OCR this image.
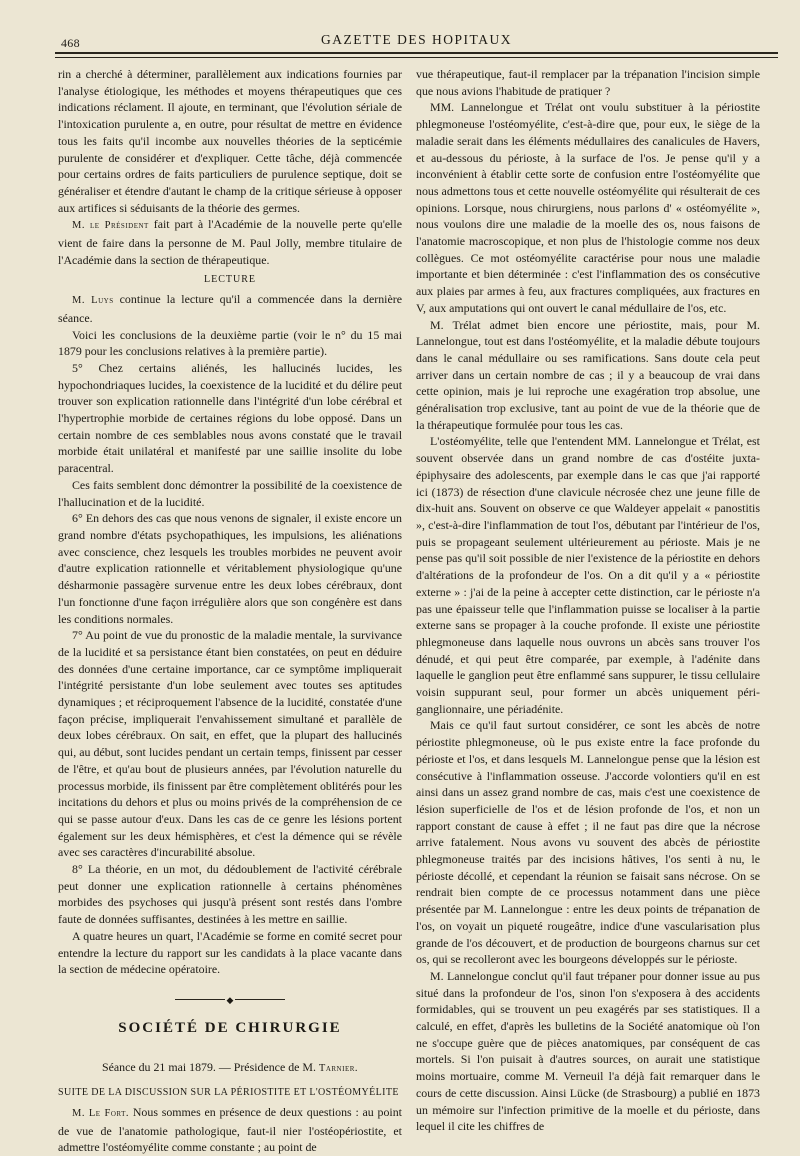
468	GAZETTE DES HOPITAUX

rin a cherché à déterminer, parallèlement aux indications fournies par l'analyse étiologique, les méthodes et moyens thérapeutiques que ces indications réclament. Il ajoute, en terminant, que l'évolution sériale de l'intoxication purulente a, en outre, pour résultat de mettre en évidence tous les faits qu'il incombe aux nouvelles théories de la septicémie purulente de considérer et d'expliquer. Cette tâche, déjà commencée pour certains ordres de faits particuliers de purulence septique, doit se généraliser et étendre d'autant le champ de la critique sérieuse à opposer aux artifices si séduisants de la théorie des germes.

M. le Président fait part à l'Académie de la nouvelle perte qu'elle vient de faire dans la personne de M. Paul Jolly, membre titulaire de l'Académie dans la section de thérapeutique.

LECTURE

M. Luys continue la lecture qu'il a commencée dans la dernière séance.

Voici les conclusions de la deuxième partie (voir le n° du 15 mai 1879 pour les conclusions relatives à la première partie).

5° Chez certains aliénés, les hallucinés lucides, les hypochondriaques lucides, la coexistence de la lucidité et du délire peut trouver son explication rationnelle dans l'intégrité d'un lobe cérébral et l'hypertrophie morbide de certaines régions du lobe opposé. Dans un certain nombre de ces semblables nous avons constaté que le travail morbide était unilatéral et manifesté par une saillie insolite du lobe paracentral.

Ces faits semblent donc démontrer la possibilité de la coexistence de l'hallucination et de la lucidité.

6° En dehors des cas que nous venons de signaler, il existe encore un grand nombre d'états psychopathiques, les impulsions, les aliénations avec conscience, chez lesquels les troubles morbides ne peuvent avoir d'autre explication rationnelle et véritablement physiologique qu'une désharmonie passagère survenue entre les deux lobes cérébraux, dont l'un fonctionne d'une façon irrégulière alors que son congénère est dans les conditions normales.

7° Au point de vue du pronostic de la maladie mentale, la survivance de la lucidité et sa persistance étant bien constatées, on peut en déduire des données d'une certaine importance, car ce symptôme impliquerait l'intégrité persistante d'un lobe seulement avec toutes ses aptitudes dynamiques ; et réciproquement l'absence de la lucidité, constatée d'une façon précise, impliquerait l'envahissement simultané et parallèle de deux lobes cérébraux. On sait, en effet, que la plupart des hallucinés qui, au début, sont lucides pendant un certain temps, finissent par cesser de l'être, et qu'au bout de plusieurs années, par l'évolution naturelle du processus morbide, ils finissent par être complètement oblitérés pour les incitations du dehors et plus ou moins privés de la compréhension de ce qui se passe autour d'eux. Dans les cas de ce genre les lésions portent également sur les deux hémisphères, et c'est la démence qui se révèle avec ses caractères d'incurabilité absolue.

8° La théorie, en un mot, du dédoublement de l'activité cérébrale peut donner une explication rationnelle à certains phénomènes morbides des psychoses qui jusqu'à présent sont restés dans l'ombre faute de données suffisantes, destinées à les mettre en saillie.

A quatre heures un quart, l'Académie se forme en comité secret pour entendre la lecture du rapport sur les candidats à la place vacante dans la section de médecine opératoire.

◆
SOCIÉTÉ DE CHIRURGIE
Séance du 21 mai 1879. — Présidence de M. Tarnier.
SUITE DE LA DISCUSSION SUR LA PÉRIOSTITE ET L'OSTÉOMYÉLITE

M. Le Fort. Nous sommes en présence de deux questions : au point de vue de l'anatomie pathologique, faut-il nier l'ostéopériostite, et admettre l'ostéomyélite comme constante ; au point de

vue thérapeutique, faut-il remplacer par la trépanation l'incision simple que nous avions l'habitude de pratiquer ?

MM. Lannelongue et Trélat ont voulu substituer à la périostite phlegmoneuse l'ostéomyélite, c'est-à-dire que, pour eux, le siège de la maladie serait dans les éléments médullaires des canalicules de Havers, et au-dessous du périoste, à la surface de l'os. Je pense qu'il y a inconvénient à établir cette sorte de confusion entre l'ostéomyélite que nous admettons tous et cette nouvelle ostéomyélite qui résulterait de ces opinions. Lorsque, nous chirurgiens, nous parlons d' « ostéomyélite », nous voulons dire une maladie de la moelle des os, nous faisons de l'anatomie macroscopique, et non plus de l'histologie comme nos deux collègues. Ce mot ostéomyélite caractérise pour nous une maladie importante et bien déterminée : c'est l'inflammation des os consécutive aux plaies par armes à feu, aux fractures compliquées, aux fractures en V, aux amputations qui ont ouvert le canal médullaire de l'os, etc.

M. Trélat admet bien encore une périostite, mais, pour M. Lannelongue, tout est dans l'ostéomyélite, et la maladie débute toujours dans le canal médullaire ou ses ramifications. Sans doute cela peut arriver dans un certain nombre de cas ; il y a beaucoup de vrai dans cette opinion, mais je lui reproche une exagération trop absolue, une généralisation trop exclusive, tant au point de vue de la théorie que de la thérapeutique formulée pour tous les cas.

L'ostéomyélite, telle que l'entendent MM. Lannelongue et Trélat, est souvent observée dans un grand nombre de cas d'ostéite juxta-épiphysaire des adolescents, par exemple dans le cas que j'ai rapporté ici (1873) de résection d'une clavicule nécrosée chez une jeune fille de dix-huit ans. Souvent on observe ce que Waldeyer appelait « panostitis », c'est-à-dire l'inflammation de tout l'os, débutant par l'intérieur de l'os, puis se propageant seulement ultérieurement au périoste. Mais je ne pense pas qu'il soit possible de nier l'existence de la périostite en dehors d'altérations de la profondeur de l'os. On a dit qu'il y a « périostite externe » : j'ai de la peine à accepter cette distinction, car le périoste n'a pas une épaisseur telle que l'inflammation puisse se localiser à la partie externe sans se propager à la couche profonde. Il existe une périostite phlegmoneuse dans laquelle nous ouvrons un abcès sans trouver l'os dénudé, et qui peut être comparée, par exemple, à l'adénite dans laquelle le ganglion peut être enflammé sans suppurer, le tissu cellulaire voisin suppurant seul, pour former un abcès uniquement péri-ganglionnaire, une périadénite.

Mais ce qu'il faut surtout considérer, ce sont les abcès de notre périostite phlegmoneuse, où le pus existe entre la face profonde du périoste et l'os, et dans lesquels M. Lannelongue pense que la lésion est consécutive à l'inflammation osseuse. J'accorde volontiers qu'il en est ainsi dans un assez grand nombre de cas, mais c'est une coexistence de lésion superficielle de l'os et de lésion profonde de l'os, et non un rapport constant de cause à effet ; il ne faut pas dire que la nécrose arrive fatalement. Nous avons vu souvent des abcès de périostite phlegmoneuse traités par des incisions hâtives, l'os senti à nu, le périoste décollé, et cependant la réunion se faisait sans nécrose. On se rendrait bien compte de ce processus notamment dans une pièce présentée par M. Lannelongue : entre les deux points de trépanation de l'os, on voyait un piqueté rougeâtre, indice d'une vascularisation plus grande de l'os découvert, et de production de bourgeons charnus sur cet os, qui se recolleront avec les bourgeons développés sur le périoste.

M. Lannelongue conclut qu'il faut trépaner pour donner issue au pus situé dans la profondeur de l'os, sinon l'on s'exposera à des accidents formidables, qui se trouvent un peu exagérés par ses statistiques. Il a calculé, en effet, d'après les bulletins de la Société anatomique où l'on ne s'occupe guère que de pièces anatomiques, par conséquent de cas mortels. Si l'on puisait à d'autres sources, on aurait une statistique moins mortuaire, comme M. Verneuil l'a déjà fait remarquer dans le cours de cette discussion. Ainsi Lücke (de Strasbourg) a publié en 1873 un mémoire sur l'infection primitive de la moelle et du périoste, dans lequel il cite les chiffres de
